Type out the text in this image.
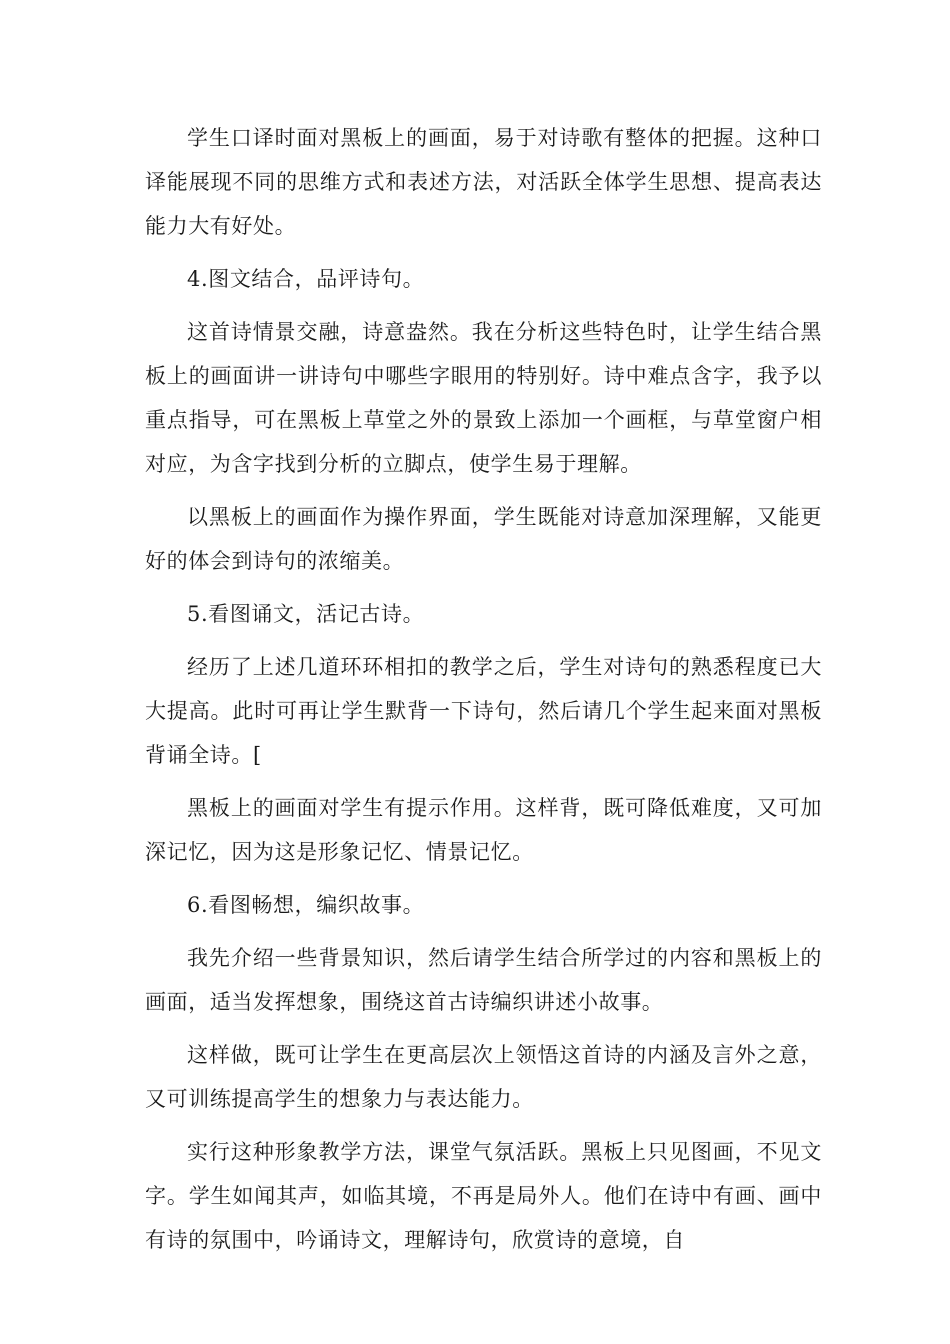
学生口译时面对黑板上的画面，易于对诗歌有整体的把握。这种口译能展现不同的思维方式和表述方法，对活跃全体学生思想、提高表达能力大有好处。

4.图文结合，品评诗句。

这首诗情景交融，诗意盎然。我在分析这些特色时，让学生结合黑板上的画面讲一讲诗句中哪些字眼用的特别好。诗中难点含字，我予以重点指导，可在黑板上草堂之外的景致上添加一个画框，与草堂窗户相对应，为含字找到分析的立脚点，使学生易于理解。

以黑板上的画面作为操作界面，学生既能对诗意加深理解，又能更好的体会到诗句的浓缩美。

5.看图诵文，活记古诗。

经历了上述几道环环相扣的教学之后，学生对诗句的熟悉程度已大大提高。此时可再让学生默背一下诗句，然后请几个学生起来面对黑板背诵全诗。[

黑板上的画面对学生有提示作用。这样背，既可降低难度，又可加深记忆，因为这是形象记忆、情景记忆。

6.看图畅想，编织故事。

我先介绍一些背景知识，然后请学生结合所学过的内容和黑板上的画面，适当发挥想象，围绕这首古诗编织讲述小故事。

这样做，既可让学生在更高层次上领悟这首诗的内涵及言外之意，又可训练提高学生的想象力与表达能力。

实行这种形象教学方法，课堂气氛活跃。黑板上只见图画，不见文字。学生如闻其声，如临其境，不再是局外人。他们在诗中有画、画中有诗的氛围中，吟诵诗文，理解诗句，欣赏诗的意境，自
